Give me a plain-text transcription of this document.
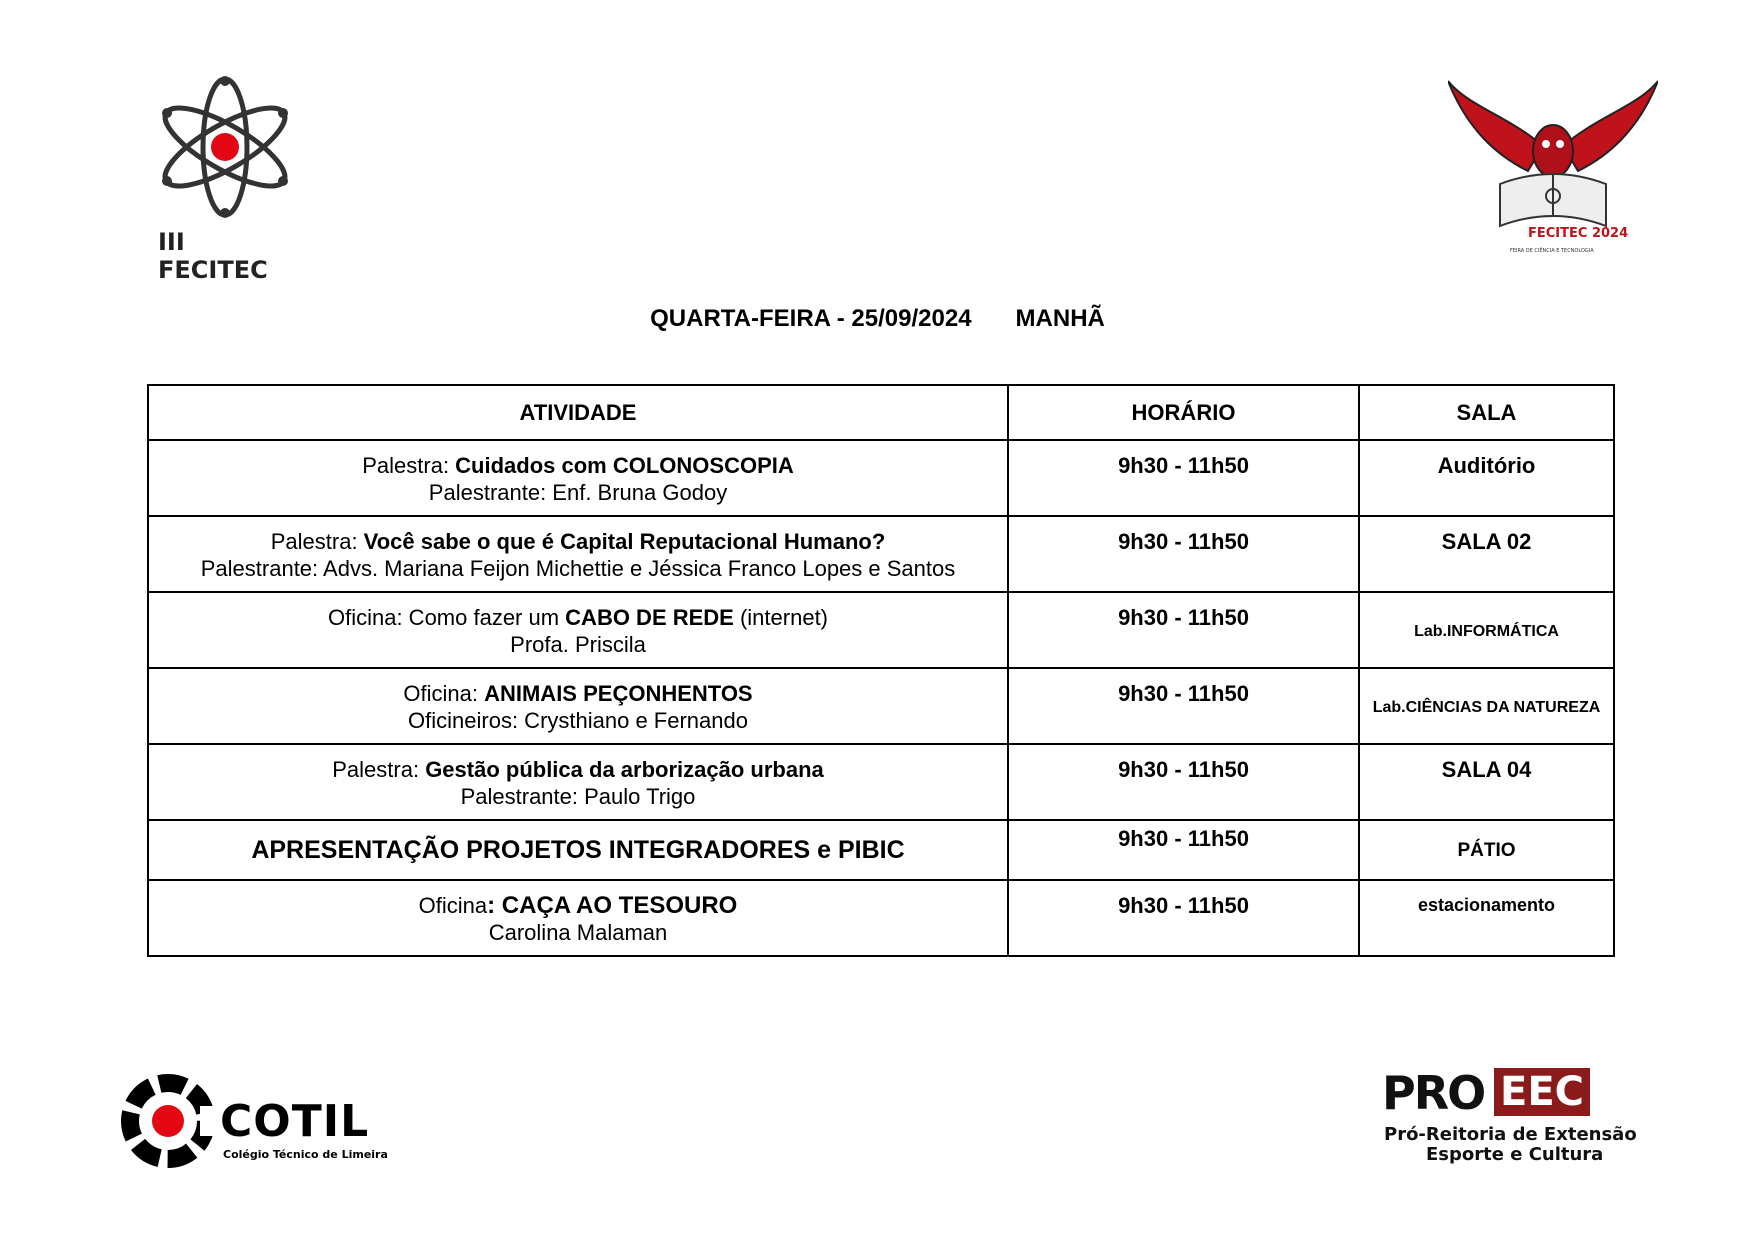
III FECITEC
FECITEC 2024
FEIRA DE CIÊNCIA E TECNOLOGIA
QUARTA-FEIRA - 25/09/2024 MANHÃ
ATIVIDADE	HORÁRIO	SALA
Palestra: Cuidados com COLONOSCOPIA
Palestrante: Enf. Bruna Godoy	9h30 - 11h50	Auditório
Palestra: Você sabe o que é Capital Reputacional Humano?
Palestrante: Advs. Mariana Feijon Michettie e Jéssica Franco Lopes e Santos	9h30 - 11h50	SALA 02
Oficina: Como fazer um CABO DE REDE (internet)
Profa. Priscila	9h30 - 11h50	Lab.INFORMÁTICA
Oficina: ANIMAIS PEÇONHENTOS
Oficineiros: Crysthiano e Fernando	9h30 - 11h50	Lab.CIÊNCIAS DA NATUREZA
Palestra: Gestão pública da arborização urbana
Palestrante: Paulo Trigo	9h30 - 11h50	SALA 04
APRESENTAÇÃO PROJETOS INTEGRADORES e PIBIC	9h30 - 11h50	PÁTIO
Oficina: CAÇA AO TESOURO
Carolina Malaman	9h30 - 11h50	estacionamento
COTIL
Colégio Técnico de Limeira
PRO EEC
Pró-Reitoria de Extensão
Esporte e Cultura
